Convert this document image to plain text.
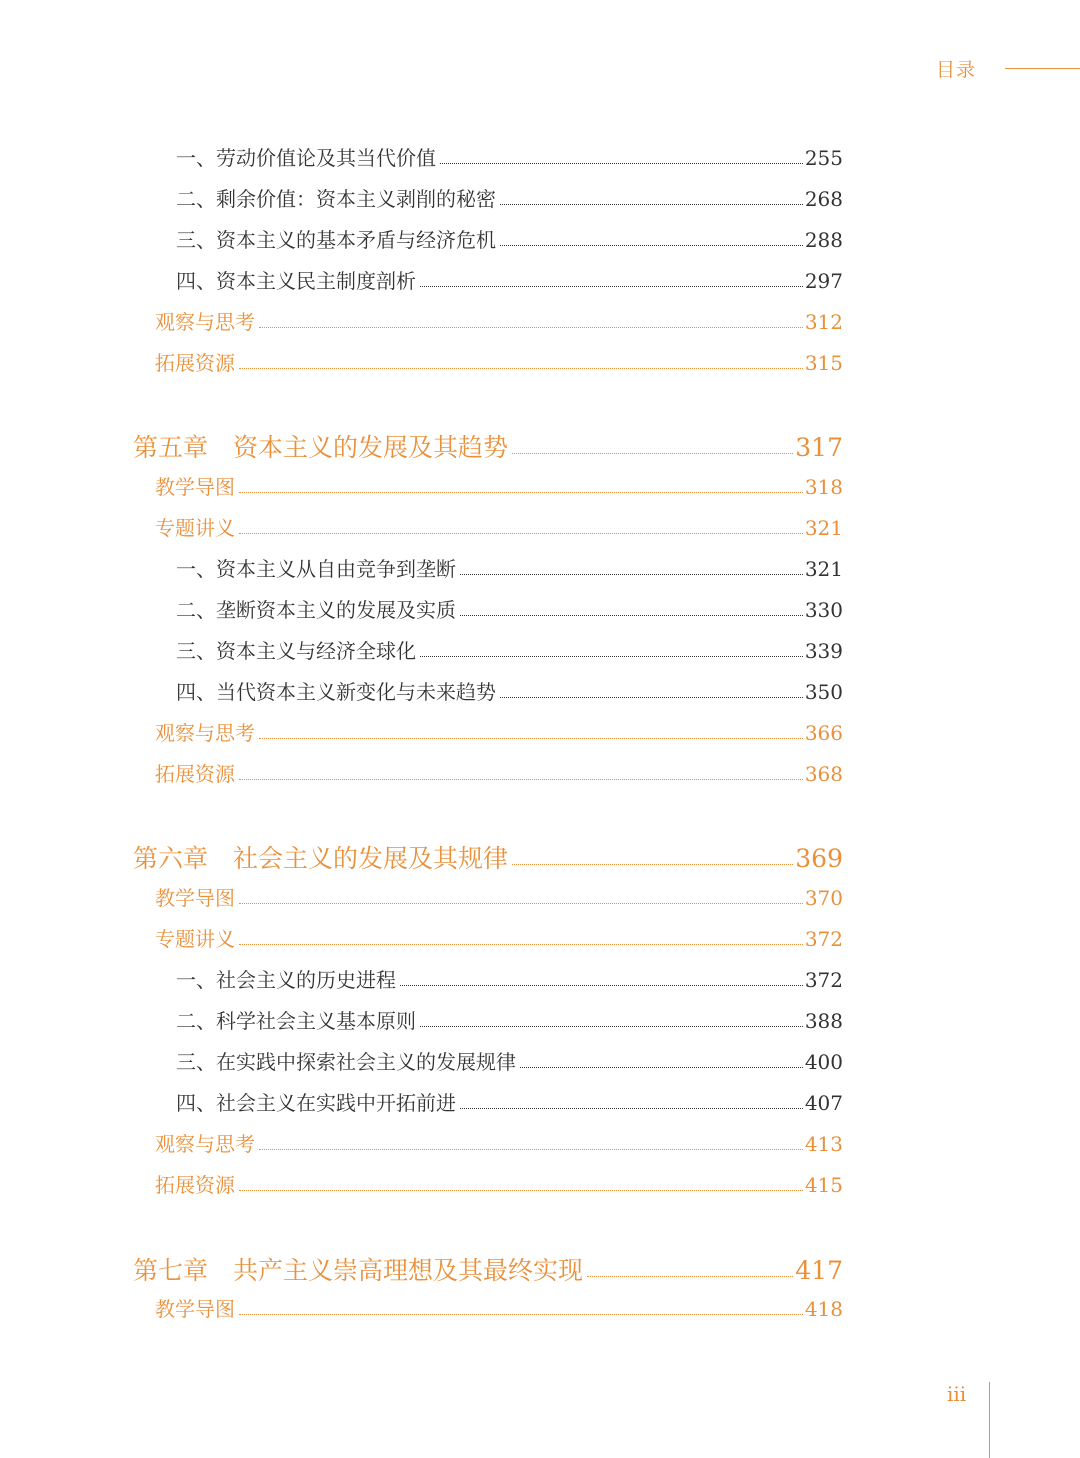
目录
一、劳动价值论及其当代价值	255
二、剩余价值：资本主义剥削的秘密	268
三、资本主义的基本矛盾与经济危机	288
四、资本主义民主制度剖析	297
观察与思考	312
拓展资源	315
第五章　资本主义的发展及其趋势	317
教学导图	318
专题讲义	321
一、资本主义从自由竞争到垄断	321
二、垄断资本主义的发展及实质	330
三、资本主义与经济全球化	339
四、当代资本主义新变化与未来趋势	350
观察与思考	366
拓展资源	368
第六章　社会主义的发展及其规律	369
教学导图	370
专题讲义	372
一、社会主义的历史进程	372
二、科学社会主义基本原则	388
三、在实践中探索社会主义的发展规律	400
四、社会主义在实践中开拓前进	407
观察与思考	413
拓展资源	415
第七章　共产主义崇高理想及其最终实现	417
教学导图	418
iii
